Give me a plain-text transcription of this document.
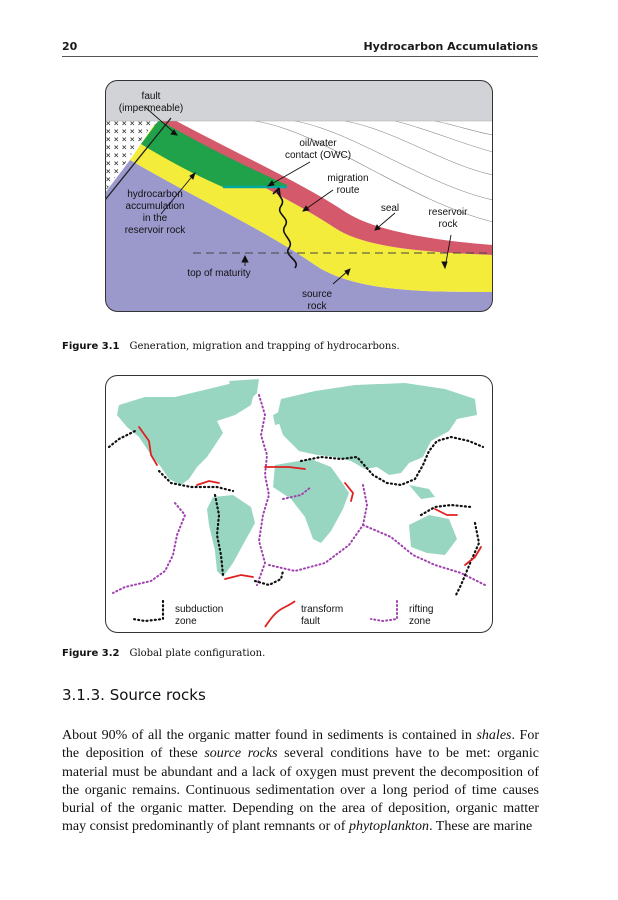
20	Hydrocarbon Accumulations
fault
(impermeable)
oil/water
contact (OWC)
migration
route
seal	reservoir
rock
hydrocarbon
accumulation
in the
reservoir rock
top of maturity
source
rock
Figure 3.1 Generation, migration and trapping of hydrocarbons.
subduction
zone
transform
fault
rifting
zone
Figure 3.2 Global plate configuration.
3.1.3. Source rocks

About 90% of all the organic matter found in sediments is contained in shales. For the deposition of these source rocks several conditions have to be met: organic material must be abundant and a lack of oxygen must prevent the decomposition of the organic remains. Continuous sedimentation over a long period of time causes burial of the organic matter. Depending on the area of deposition, organic matter may consist predominantly of plant remnants or of phytoplankton. These are marine
